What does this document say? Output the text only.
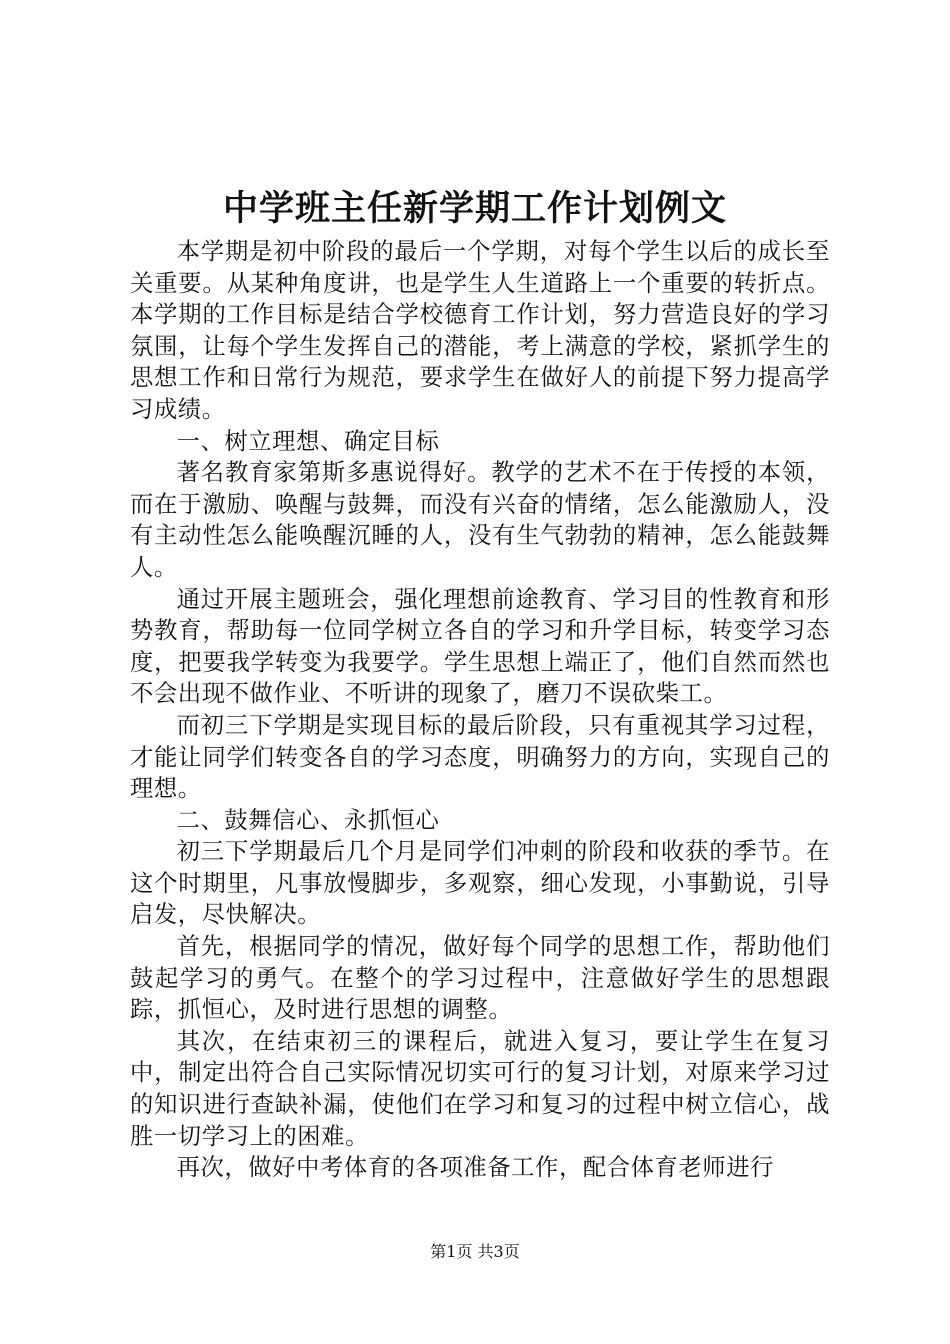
中学班主任新学期工作计划例文

本学期是初中阶段的最后一个学期，对每个学生以后的成长至关重要。从某种角度讲，也是学生人生道路上一个重要的转折点。本学期的工作目标是结合学校德育工作计划，努力营造良好的学习氛围，让每个学生发挥自己的潜能，考上满意的学校，紧抓学生的思想工作和日常行为规范，要求学生在做好人的前提下努力提高学习成绩。

一、树立理想、确定目标

著名教育家第斯多惠说得好。教学的艺术不在于传授的本领，而在于激励、唤醒与鼓舞，而没有兴奋的情绪，怎么能激励人，没有主动性怎么能唤醒沉睡的人，没有生气勃勃的精神，怎么能鼓舞人。

通过开展主题班会，强化理想前途教育、学习目的性教育和形势教育，帮助每一位同学树立各自的学习和升学目标，转变学习态度，把要我学转变为我要学。学生思想上端正了，他们自然而然也不会出现不做作业、不听讲的现象了，磨刀不误砍柴工。

而初三下学期是实现目标的最后阶段，只有重视其学习过程，才能让同学们转变各自的学习态度，明确努力的方向，实现自己的理想。

二、鼓舞信心、永抓恒心

初三下学期最后几个月是同学们冲刺的阶段和收获的季节。在这个时期里，凡事放慢脚步，多观察，细心发现，小事勤说，引导启发，尽快解决。

首先，根据同学的情况，做好每个同学的思想工作，帮助他们鼓起学习的勇气。在整个的学习过程中，注意做好学生的思想跟踪，抓恒心，及时进行思想的调整。

其次，在结束初三的课程后，就进入复习，要让学生在复习中，制定出符合自己实际情况切实可行的复习计划，对原来学习过的知识进行查缺补漏，使他们在学习和复习的过程中树立信心，战胜一切学习上的困难。

再次，做好中考体育的各项准备工作，配合体育老师进行

第1页 共3页
